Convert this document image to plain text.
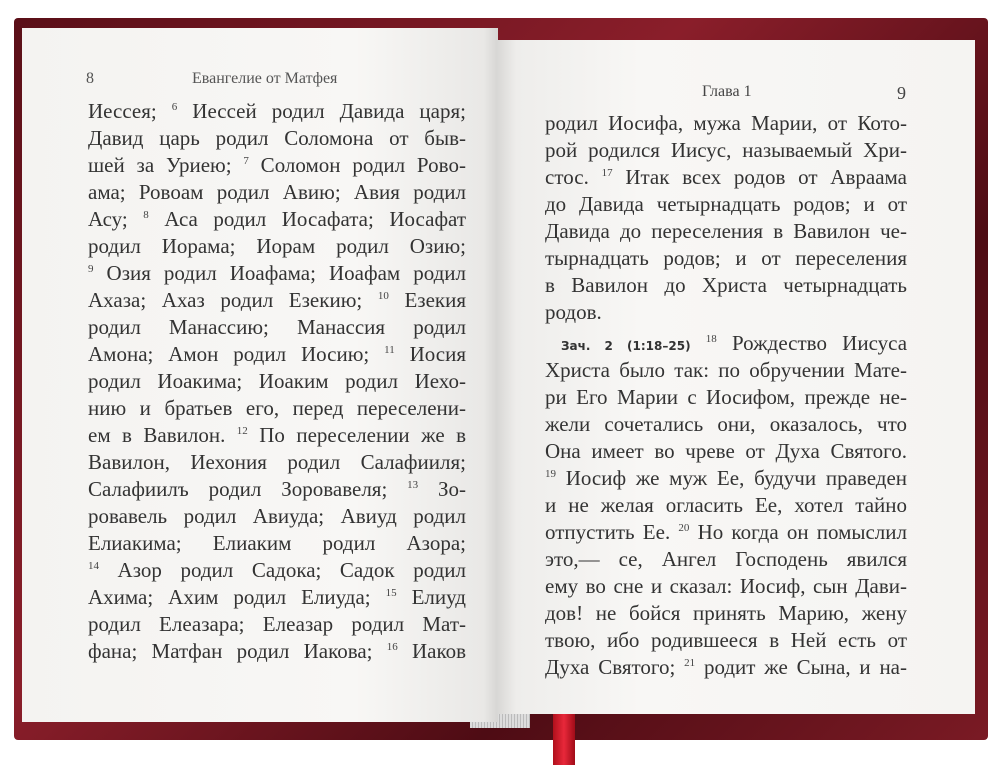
8	Евангелие от Матфея
Иессея; $^6$ Иессей родил Давида царя;
Давид царь родил Соломона от быв-
шей за Уриею; $^7$ Соломон родил Ровo-
ама; Ровоам родил Авию; Авия родил
Асу; $^8$ Аса родил Иосафата; Иосафат
родил Иорама; Иорам родил Озию;
$^9$ Озия родил Иоафама; Иоафам родил
Ахаза; Ахаз родил Езекию; $^{10}$ Езекия
родил Манассию; Манассия родил
Амона; Амон родил Иосию; $^{11}$ Иосия
родил Иоакима; Иоаким родил Иехо-
нию и братьев его, перед переселени-
ем в Вавилон. $^{12}$ По переселении же в
Вавилон, Иехония родил Салафииля;
Салафиилъ родил Зоровавеля; $^{13}$ Зо-
ровавель родил Авиуда; Авиуд родил
Елиакима; Елиаким родил Азора;
$^{14}$ Азор родил Садока; Садок родил
Ахима; Ахим родил Елиуда; $^{15}$ Елиуд
родил Елеазара; Елеазар родил Мат-
фана; Матфан родил Иакова; $^{16}$ Иаков
Глава 1	9
родил Иосифа, мужа Марии, от Кото-
рой родился Иисус, называемый Хри-
стос. $^{17}$ Итак всех родов от Авраама
до Давида четырнадцать родов; и от
Давида до переселения в Вавилон че-
тырнадцать родов; и от переселения
в Вавилон до Христа четырнадцать
родов.
Зач. 2 (1:18–25) $^{18}$ Рождество Иисуса
Христа было так: по обручении Мате-
ри Его Марии с Иосифом, прежде не-
жели сочетались они, оказалось, что
Она имеет во чреве от Духа Святого.
$^{19}$ Иосиф же муж Ее, будучи праведен
и не желая огласить Ее, хотел тайно
отпустить Ее. $^{20}$ Но когда он помыслил
это,— се, Ангел Господень явился
ему во сне и сказал: Иосиф, сын Дави-
дов! не бойся принять Марию, жену
твою, ибо родившееся в Ней есть от
Духа Святого; $^{21}$ родит же Сына, и на-
